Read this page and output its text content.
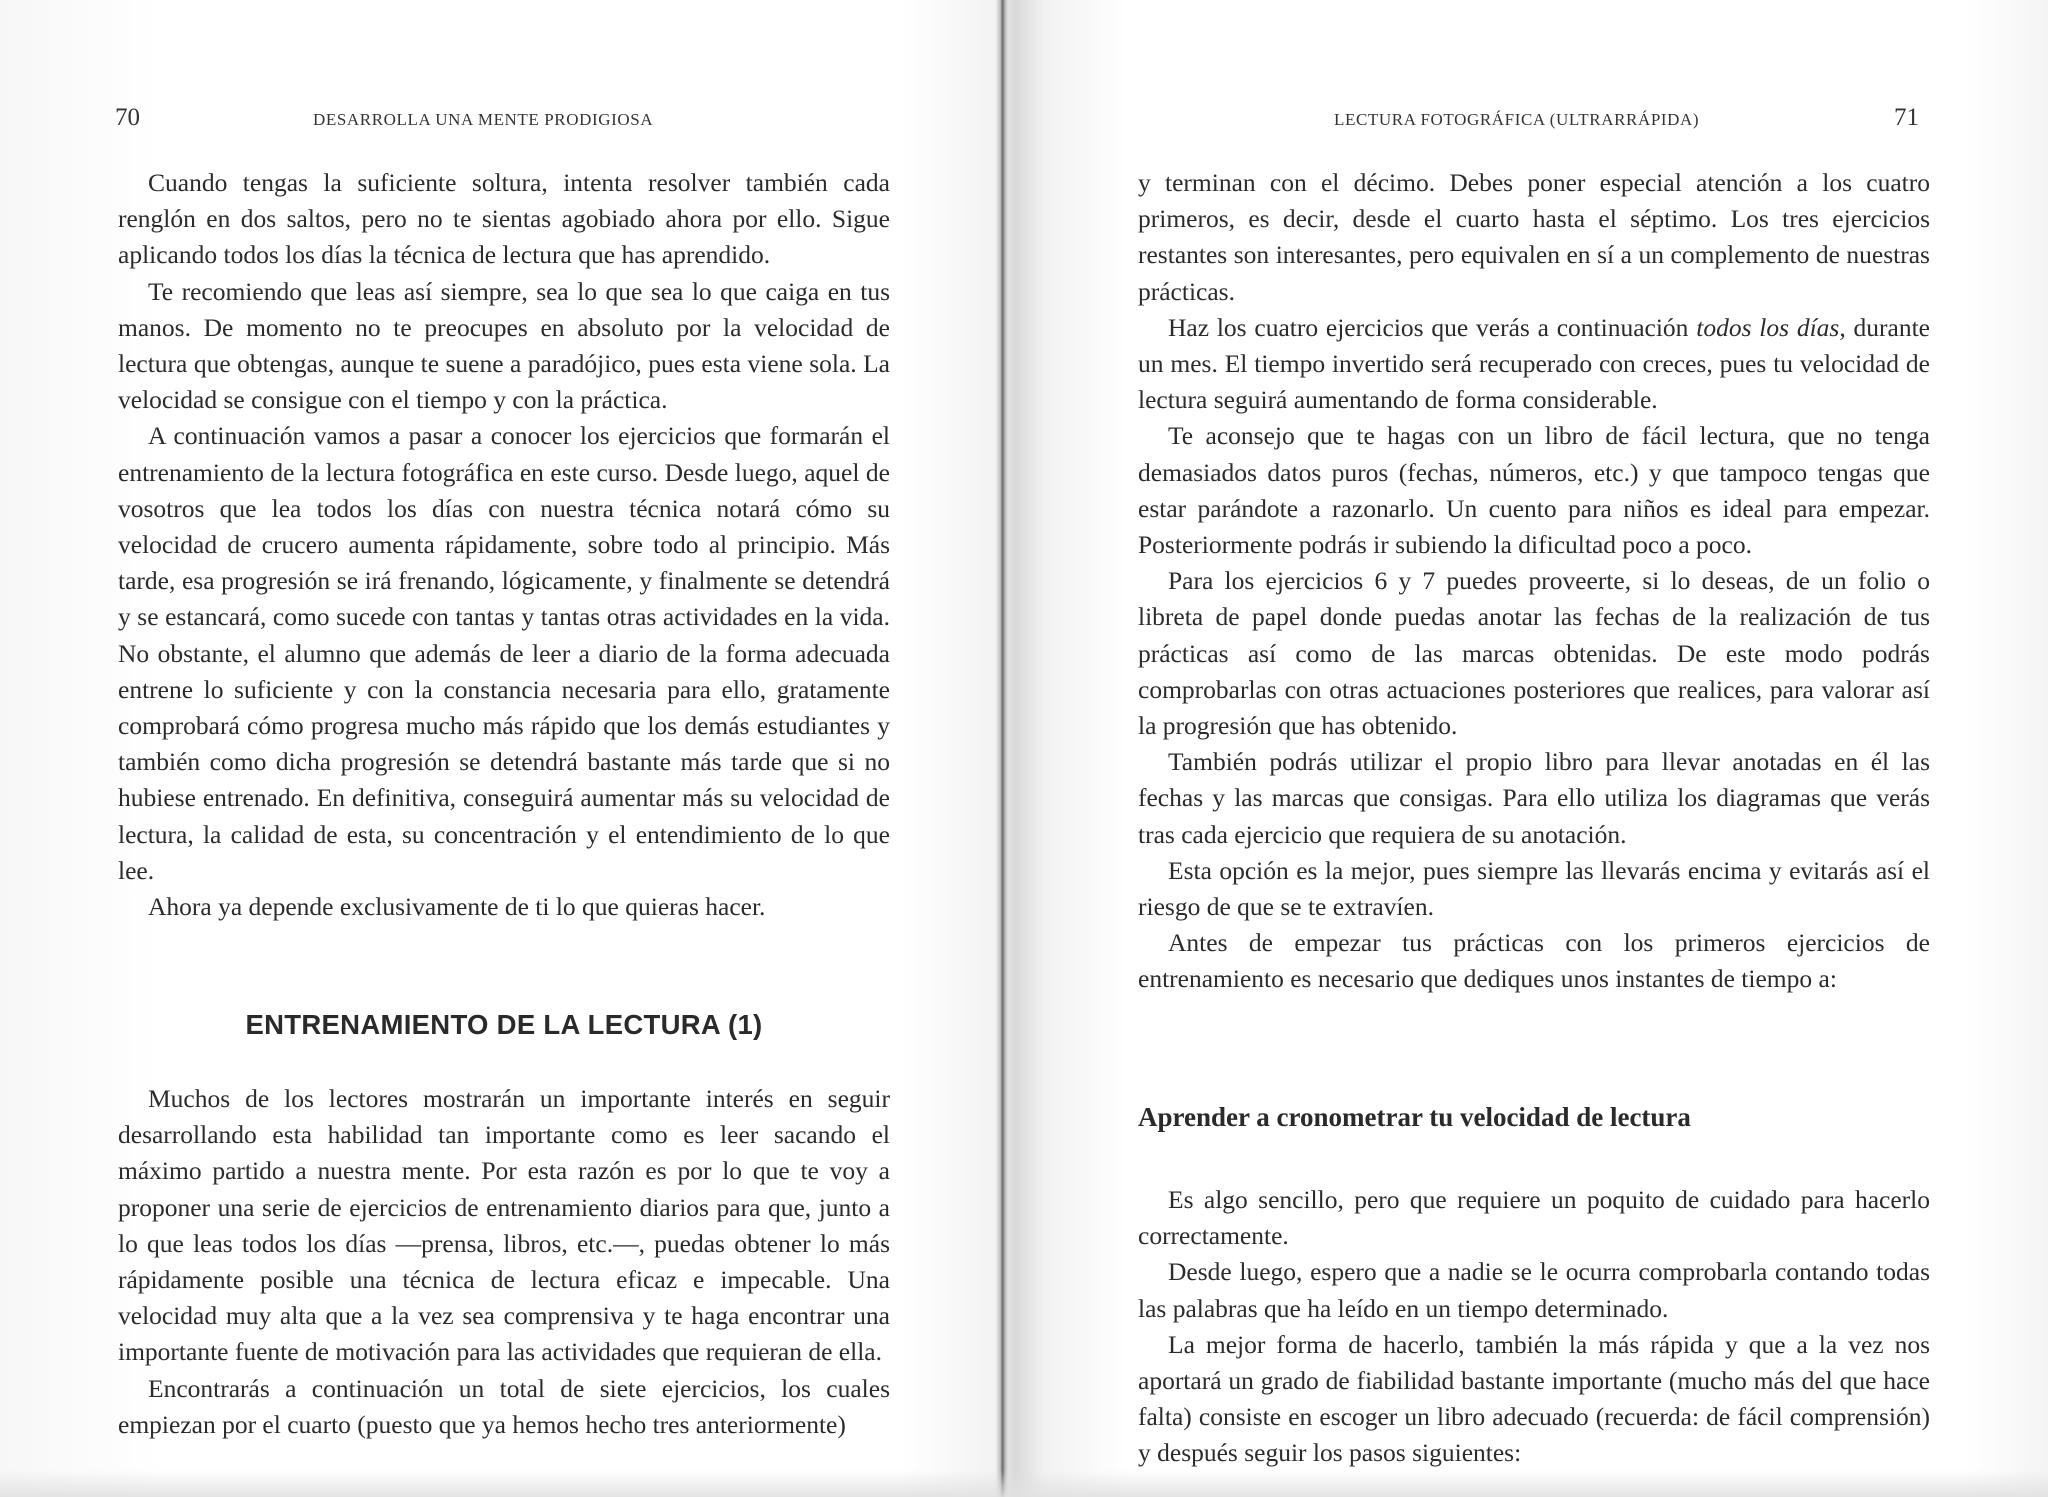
70	DESARROLLA UNA MENTE PRODIGIOSA

Cuando tengas la suficiente soltura, intenta resolver también cada renglón en dos saltos, pero no te sientas agobiado ahora por ello. Sigue aplicando todos los días la técnica de lectura que has aprendido.

Te recomiendo que leas así siempre, sea lo que sea lo que caiga en tus manos. De momento no te preocupes en absoluto por la velocidad de lectura que obtengas, aunque te suene a paradójico, pues esta viene sola. La velocidad se consigue con el tiempo y con la práctica.

A continuación vamos a pasar a conocer los ejercicios que formarán el entrenamiento de la lectura fotográfica en este curso. Desde luego, aquel de vosotros que lea todos los días con nuestra técnica notará cómo su velocidad de crucero aumenta rápidamente, sobre todo al principio. Más tarde, esa progresión se irá frenando, lógicamente, y finalmente se detendrá y se estancará, como sucede con tantas y tantas otras actividades en la vida. No obstante, el alumno que además de leer a diario de la forma adecuada entrene lo suficiente y con la constancia necesaria para ello, gratamente comprobará cómo progresa mucho más rápido que los demás estudiantes y también como dicha progresión se detendrá bastante más tarde que si no hubiese entrenado. En definitiva, conseguirá aumentar más su velocidad de lectura, la calidad de esta, su concentración y el entendimiento de lo que lee.

Ahora ya depende exclusivamente de ti lo que quieras hacer.

ENTRENAMIENTO DE LA LECTURA (1)

Muchos de los lectores mostrarán un importante interés en seguir desarrollando esta habilidad tan importante como es leer sacando el máximo partido a nuestra mente. Por esta razón es por lo que te voy a proponer una serie de ejercicios de entrenamiento diarios para que, junto a lo que leas todos los días —prensa, libros, etc.—, puedas obtener lo más rápidamente posible una técnica de lectura eficaz e impecable. Una velocidad muy alta que a la vez sea comprensiva y te haga encontrar una importante fuente de motivación para las actividades que requieran de ella.

Encontrarás a continuación un total de siete ejercicios, los cuales empiezan por el cuarto (puesto que ya hemos hecho tres anteriormente)

LECTURA FOTOGRÁFICA (ULTRARRÁPIDA)	71

y terminan con el décimo. Debes poner especial atención a los cuatro primeros, es decir, desde el cuarto hasta el séptimo. Los tres ejercicios restantes son interesantes, pero equivalen en sí a un complemento de nuestras prácticas.

Haz los cuatro ejercicios que verás a continuación todos los días, durante un mes. El tiempo invertido será recuperado con creces, pues tu velocidad de lectura seguirá aumentando de forma considerable.

Te aconsejo que te hagas con un libro de fácil lectura, que no tenga demasiados datos puros (fechas, números, etc.) y que tampoco tengas que estar parándote a razonarlo. Un cuento para niños es ideal para empezar. Posteriormente podrás ir subiendo la dificultad poco a poco.

Para los ejercicios 6 y 7 puedes proveerte, si lo deseas, de un folio o libreta de papel donde puedas anotar las fechas de la realización de tus prácticas así como de las marcas obtenidas. De este modo podrás comprobarlas con otras actuaciones posteriores que realices, para valorar así la progresión que has obtenido.

También podrás utilizar el propio libro para llevar anotadas en él las fechas y las marcas que consigas. Para ello utiliza los diagramas que verás tras cada ejercicio que requiera de su anotación.

Esta opción es la mejor, pues siempre las llevarás encima y evitarás así el riesgo de que se te extravíen.

Antes de empezar tus prácticas con los primeros ejercicios de entrenamiento es necesario que dediques unos instantes de tiempo a:

Aprender a cronometrar tu velocidad de lectura

Es algo sencillo, pero que requiere un poquito de cuidado para hacerlo correctamente.

Desde luego, espero que a nadie se le ocurra comprobarla contando todas las palabras que ha leído en un tiempo determinado.

La mejor forma de hacerlo, también la más rápida y que a la vez nos aportará un grado de fiabilidad bastante importante (mucho más del que hace falta) consiste en escoger un libro adecuado (recuerda: de fácil comprensión) y después seguir los pasos siguientes:
